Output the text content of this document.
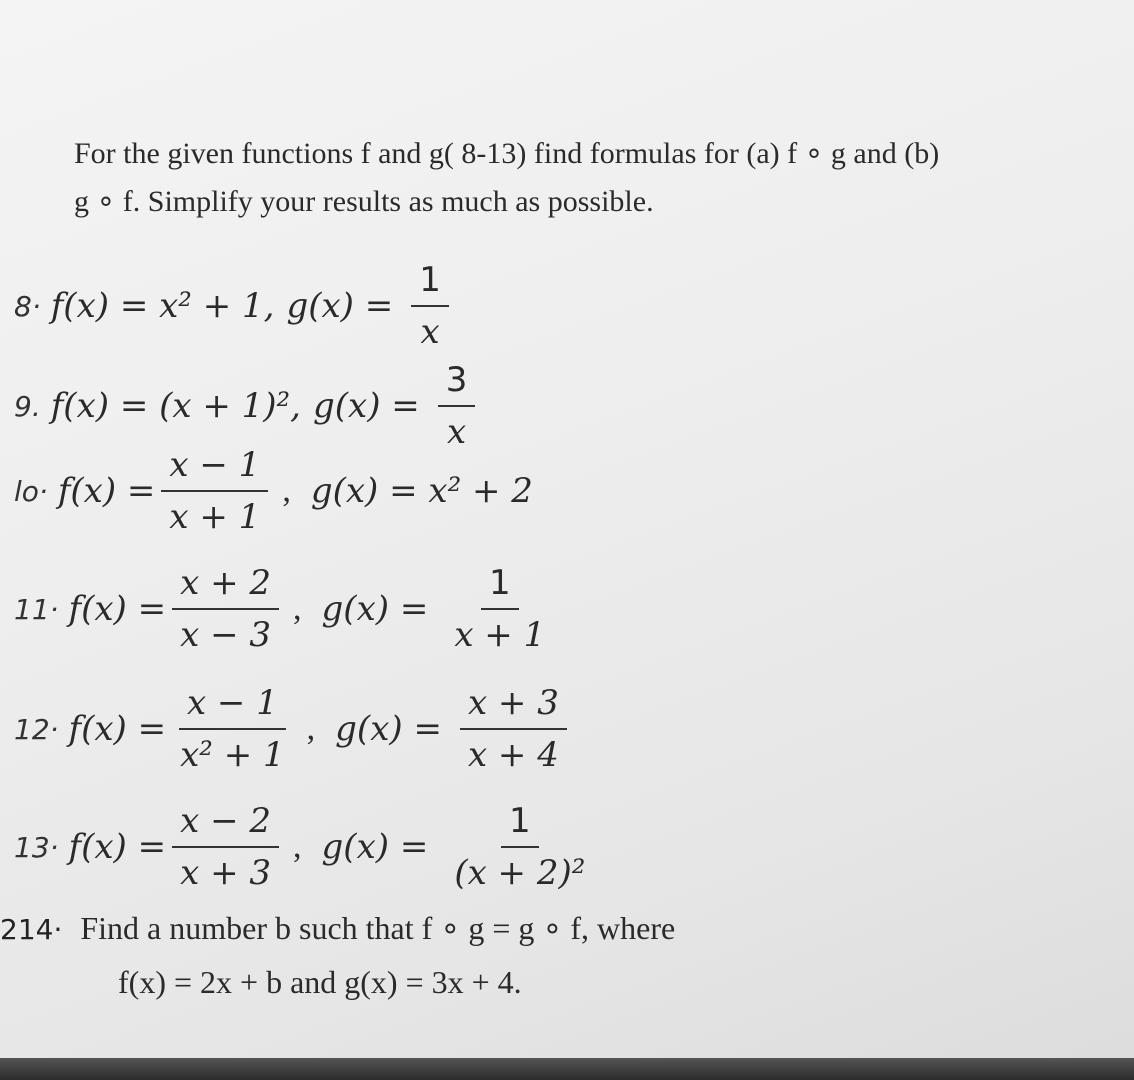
For the given functions f and g( 8-13) find formulas for (a) f ∘ g and (b)
g ∘ f. Simplify your results as much as possible.
8· f(x) = x² + 1, $g(x) = \frac{1}{x}$
9. f(x) = (x + 1)², $g(x) = \frac{3}{x}$
$lo\cdot f(x) = \frac{x - 1}{x + 1}$ , g(x) = x² + 2
$11\cdot f(x) = \frac{x + 2}{x - 3}$ , $g(x) = \frac{1}{x + 1}$
$12\cdot f(x) = \frac{x - 1}{\text{x² + 1}}$ , $g(x) = \frac{x + 3}{x + 4}$
$13\cdot f(x) = \frac{x - 2}{x + 3}$ , $g(x) = \frac{1}{\text{(x + 2)²}}$
214· Find a number b such that f ∘ g = g ∘ f, where
f(x) = 2x + b and g(x) = 3x + 4.
